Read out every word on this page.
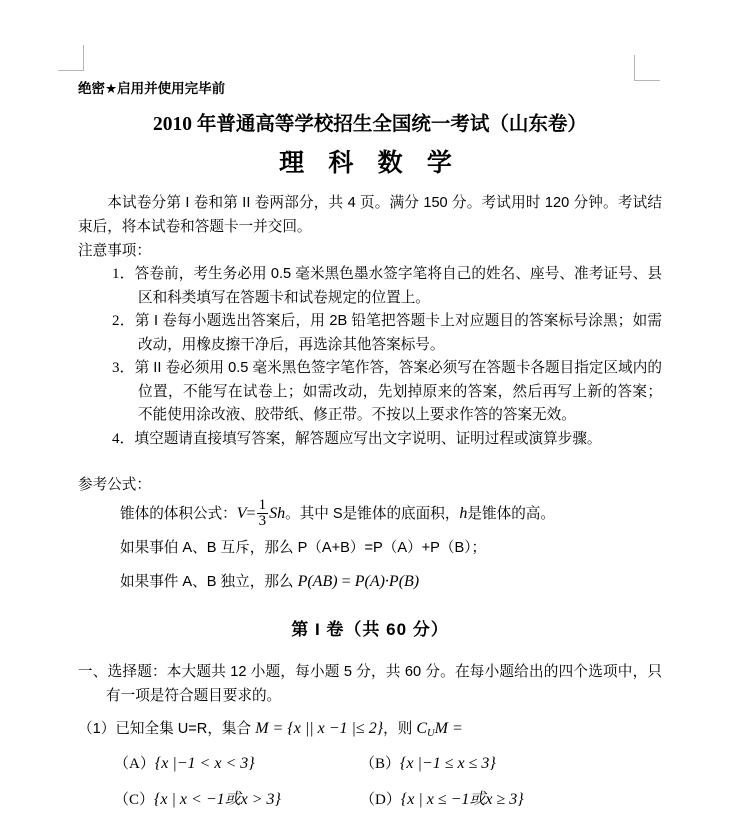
绝密★启用并使用完毕前
2010 年普通高等学校招生全国统一考试（山东卷）
理 科 数 学

本试卷分第 I 卷和第 II 卷两部分，共 4 页。满分 150 分。考试用时 120 分钟。考试结束后，将本试卷和答题卡一并交回。

注意事项：

1．答卷前，考生务必用 0.5 毫米黑色墨水签字笔将自己的姓名、座号、准考证号、县区和科类填写在答题卡和试卷规定的位置上。
2．第 I 卷每小题选出答案后，用 2B 铅笔把答题卡上对应题目的答案标号涂黑；如需改动，用橡皮擦干净后，再选涂其他答案标号。
3．第 II 卷必须用 0.5 毫米黑色签字笔作答，答案必须写在答题卡各题目指定区域内的位置，不能写在试卷上；如需改动，先划掉原来的答案，然后再写上新的答案；不能使用涂改液、胶带纸、修正带。不按以上要求作答的答案无效。
4．填空题请直接填写答案，解答题应写出文字说明、证明过程或演算步骤。

参考公式：

锥体的体积公式：$V= \frac{1}{3}$ Sh。其中 S是锥体的底面积，h是锥体的高。

如果事伯 A、B 互斥，那么 P（A+B）=P（A）+P（B）；

如果事件 A、B 独立，那么 P(AB) = P(A)·P(B)

第 I 卷（共 60 分）

一、选择题：本大题共 12 小题，每小题 5 分，共 60 分。在每小题给出的四个选项中，只有一项是符合题目要求的。

（1）已知全集 U=R，集合 M = {x || x −1 |≤ 2}，则 $C_UM$ =

（A）{x |−1 < x < 3}	（B）{x |−1 ≤ x ≤ 3}
（C）{x | x < −1或x > 3}	（D）{x | x ≤ −1或x ≥ 3}
